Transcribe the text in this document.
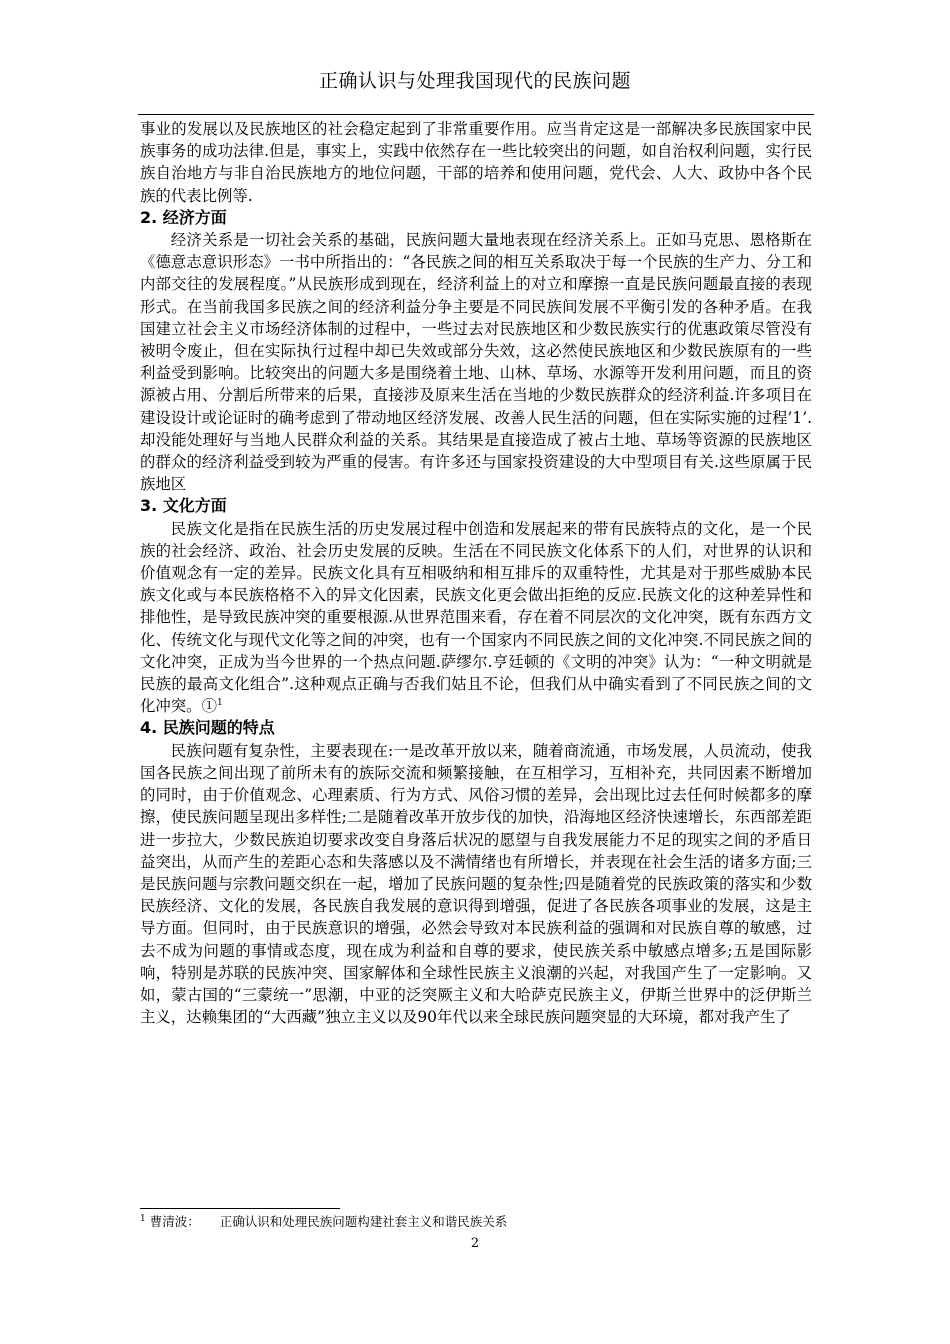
正确认识与处理我国现代的民族问题

事业的发展以及民族地区的社会稳定起到了非常重要作用。应当肯定这是一部解决多民族国家中民族事务的成功法律.但是，事实上，实践中依然存在一些比较突出的问题，如自治权利问题，实行民族自治地方与非自治民族地方的地位问题，干部的培养和使用问题，党代会、人大、政协中各个民族的代表比例等.

2. 经济方面

经济关系是一切社会关系的基础，民族问题大量地表现在经济关系上。正如马克思、恩格斯在《德意志意识形态》一书中所指出的：“各民族之间的相互关系取决于每一个民族的生产力、分工和内部交往的发展程度。”从民族形成到现在，经济利益上的对立和摩擦一直是民族问题最直接的表现形式。在当前我国多民族之间的经济利益分争主要是不同民族间发展不平衡引发的各种矛盾。在我国建立社会主义市场经济体制的过程中，一些过去对民族地区和少数民族实行的优惠政策尽管没有被明令废止，但在实际执行过程中却已失效或部分失效，这必然使民族地区和少数民族原有的一些利益受到影响。比较突出的问题大多是围绕着土地、山林、草场、水源等开发利用问题，而且的资源被占用、分割后所带来的后果，直接涉及原来生活在当地的少数民族群众的经济利益.许多项目在建设设计或论证时的确考虑到了带动地区经济发展、改善人民生活的问题，但在实际实施的过程’1’.却没能处理好与当地人民群众利益的关系。其结果是直接造成了被占土地、草场等资源的民族地区的群众的经济利益受到较为严重的侵害。有许多还与国家投资建设的大中型项目有关.这些原属于民族地区

3. 文化方面

民族文化是指在民族生活的历史发展过程中创造和发展起来的带有民族特点的文化，是一个民族的社会经济、政治、社会历史发展的反映。生活在不同民族文化体系下的人们，对世界的认识和价值观念有一定的差异。民族文化具有互相吸纳和相互排斥的双重特性，尤其是对于那些威胁本民族文化或与本民族格格不入的异文化因素，民族文化更会做出拒绝的反应.民族文化的这种差异性和排他性，是导致民族冲突的重要根源.从世界范围来看，存在着不同层次的文化冲突，既有东西方文化、传统文化与现代文化等之间的冲突，也有一个国家内不同民族之间的文化冲突.不同民族之间的文化冲突，正成为当今世界的一个热点问题.萨缪尔.亨廷顿的《文明的冲突》认为：“一种文明就是民族的最高文化组合”.这种观点正确与否我们姑且不论，但我们从中确实看到了不同民族之间的文化冲突。①$^1$

4. 民族问题的特点

民族问题有复杂性，主要表现在:一是改革开放以来，随着商流通，市场发展，人员流动，使我国各民族之间出现了前所未有的族际交流和频繁接触，在互相学习，互相补充，共同因素不断增加的同时，由于价值观念、心理素质、行为方式、风俗习惯的差异，会出现比过去任何时候都多的摩擦，使民族问题呈现出多样性;二是随着改革开放步伐的加快，沿海地区经济快速增长，东西部差距进一步拉大，少数民族迫切要求改变自身落后状况的愿望与自我发展能力不足的现实之间的矛盾日益突出，从而产生的差距心态和失落感以及不满情绪也有所增长，并表现在社会生活的诸多方面;三是民族问题与宗教问题交织在一起，增加了民族问题的复杂性;四是随着党的民族政策的落实和少数民族经济、文化的发展，各民族自我发展的意识得到增强，促进了各民族各项事业的发展，这是主导方面。但同时，由于民族意识的增强，必然会导致对本民族利益的强调和对民族自尊的敏感，过去不成为问题的事情或态度，现在成为利益和自尊的要求，使民族关系中敏感点增多;五是国际影响，特别是苏联的民族冲突、国家解体和全球性民族主义浪潮的兴起，对我国产生了一定影响。又如，蒙古国的“三蒙统一”思潮，中亚的泛突厥主义和大哈萨克民族主义，伊斯兰世界中的泛伊斯兰主义，达赖集团的“大西藏”独立主义以及90年代以来全球民族问题突显的大环境，都对我产生了

$^1$ 曹清波： 正确认识和处理民族问题构建社套主义和谐民族关系
2
